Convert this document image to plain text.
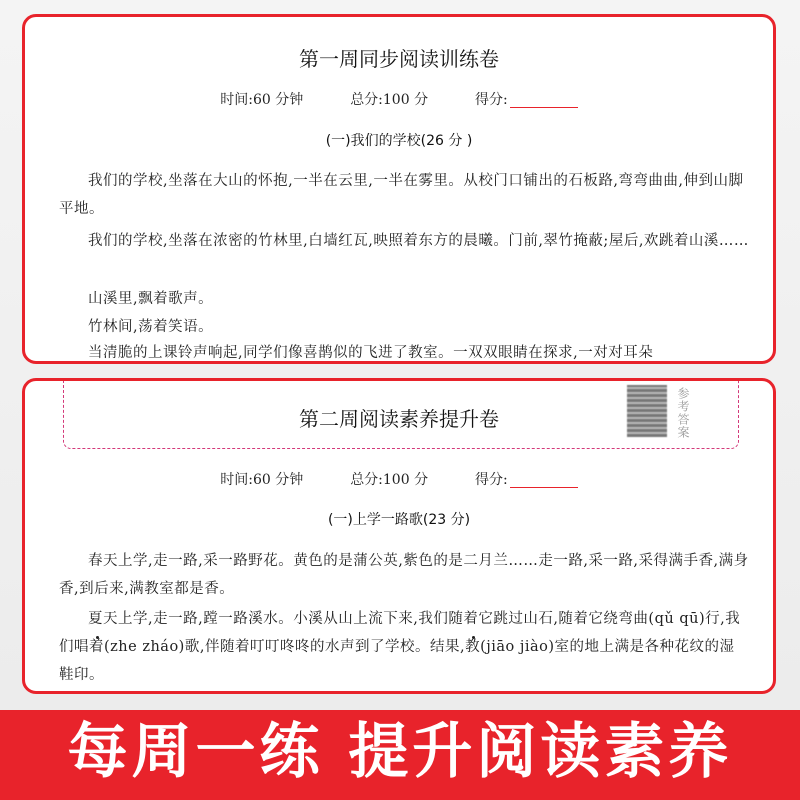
第一周同步阅读训练卷
时间:60 分钟	总分:100 分	得分:
(一)我们的学校(26 分 )
我们的学校,坐落在大山的怀抱,一半在云里,一半在雾里。从校门口铺出的石板路,弯弯曲曲,伸到山脚平地。
我们的学校,坐落在浓密的竹林里,白墙红瓦,映照着东方的晨曦。门前,翠竹掩蔽;屋后,欢跳着山溪……
山溪里,飘着歌声。
竹林间,荡着笑语。
当清脆的上课铃声响起,同学们像喜鹊似的飞进了教室。一双双眼睛在探求,一对对耳朵
第二周阅读素养提升卷	参考答案
时间:60 分钟	总分:100 分	得分:
(一)上学一路歌(23 分)
春天上学,走一路,采一路野花。黄色的是蒲公英,紫色的是二月兰……走一路,采一路,采得满手香,满身香,到后来,满教室都是香。
夏天上学,走一路,蹚一路溪水。小溪从山上流下来,我们随着它跳过山石,随着它绕弯曲(qǔ qū)行,我们唱着(zhe zháo)歌,伴随着叮叮咚咚的水声到了学校。结果,教(jiāo jiào)室的地上满是各种花纹的湿鞋印。
每周一练 提升阅读素养
